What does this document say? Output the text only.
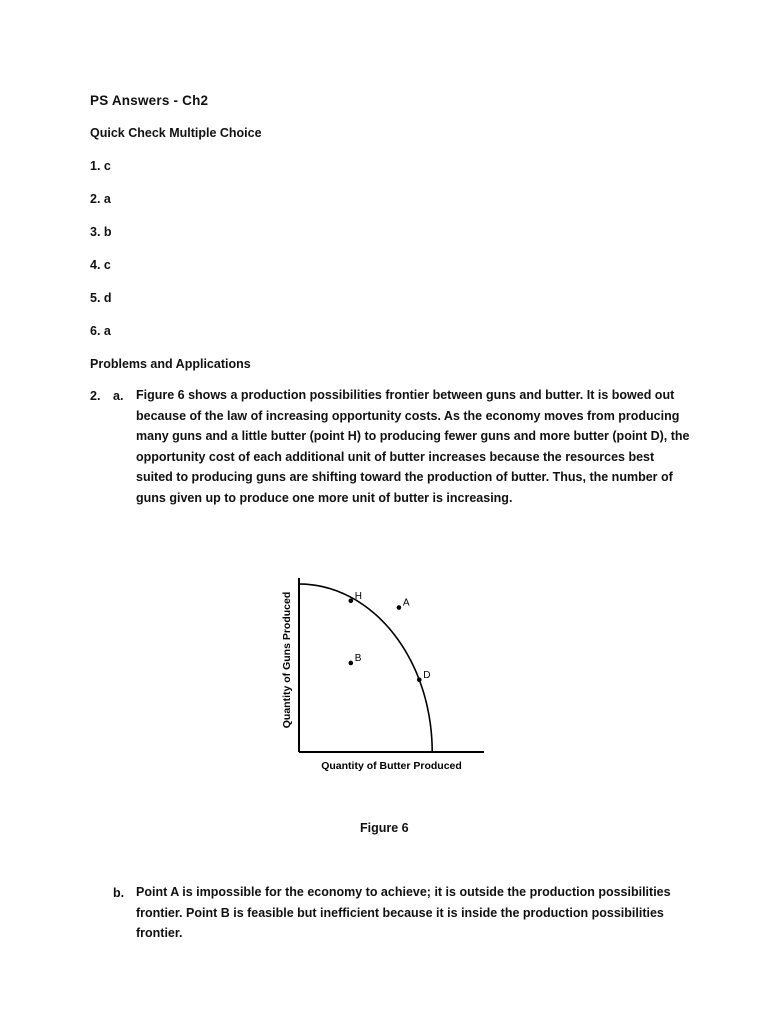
PS Answers - Ch2
Quick Check Multiple Choice
1. c
2. a
3. b
4. c
5. d
6. a
Problems and Applications
2. a. Figure 6 shows a production possibilities frontier between guns and butter. It is bowed out because of the law of increasing opportunity costs. As the economy moves from producing many guns and a little butter (point H) to producing fewer guns and more butter (point D), the opportunity cost of each additional unit of butter increases because the resources best suited to producing guns are shifting toward the production of butter. Thus, the number of guns given up to produce one more unit of butter is increasing.
H
A
B
D
Quantity of Butter Produced
Quantity of Guns Produced
Figure 6
b. Point A is impossible for the economy to achieve; it is outside the production possibilities frontier. Point B is feasible but inefficient because it is inside the production possibilities frontier.
